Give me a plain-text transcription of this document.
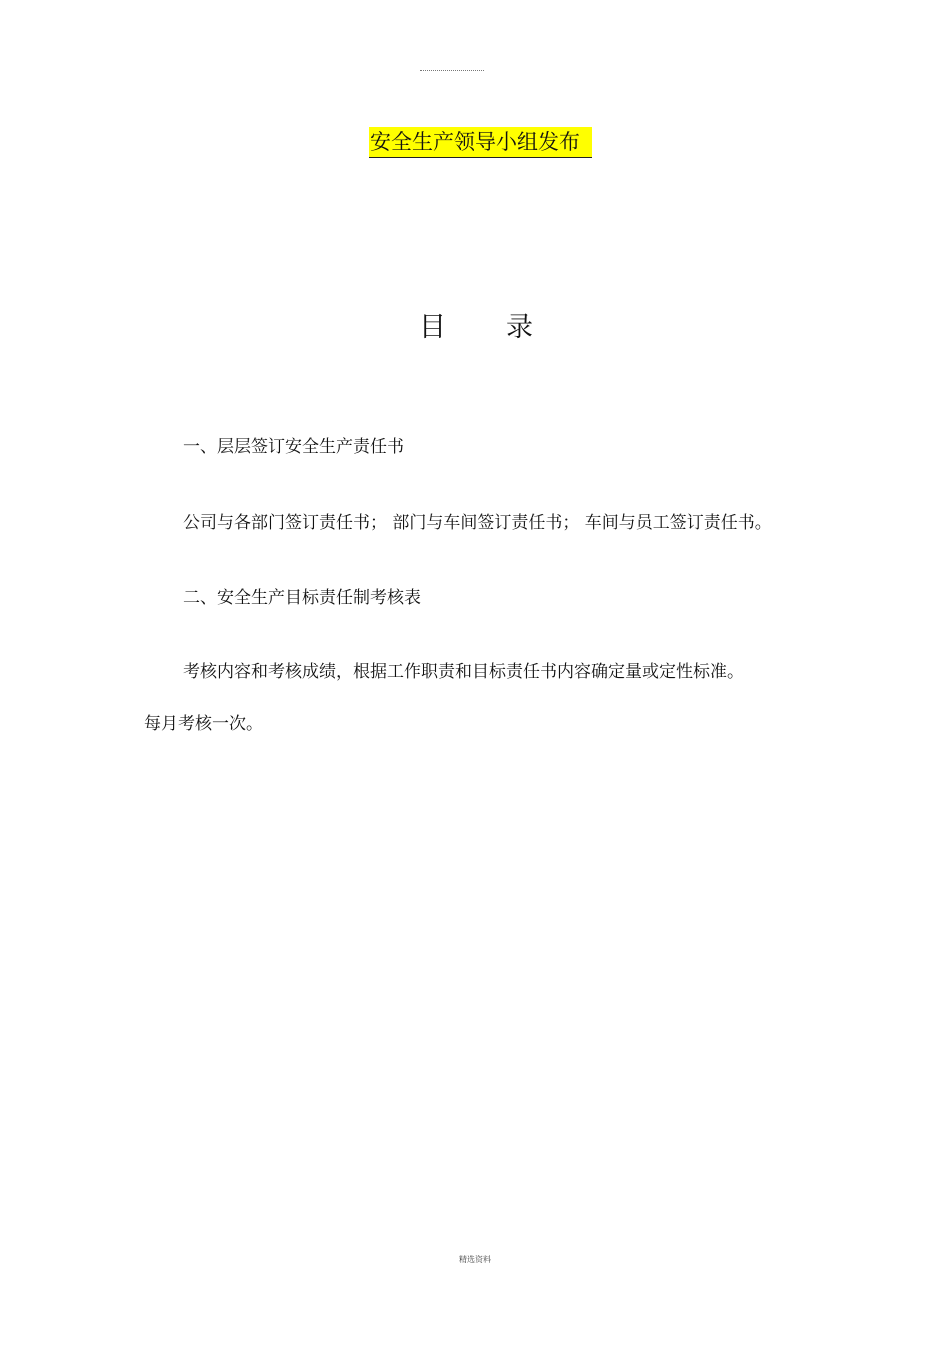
安全生产领导小组发布
目 录
一、层层签订安全生产责任书
公司与各部门签订责任书； 部门与车间签订责任书； 车间与员工签订责任书。
二、安全生产目标责任制考核表
考核内容和考核成绩，根据工作职责和目标责任书内容确定量或定性标准。
每月考核一次。
精选资料
